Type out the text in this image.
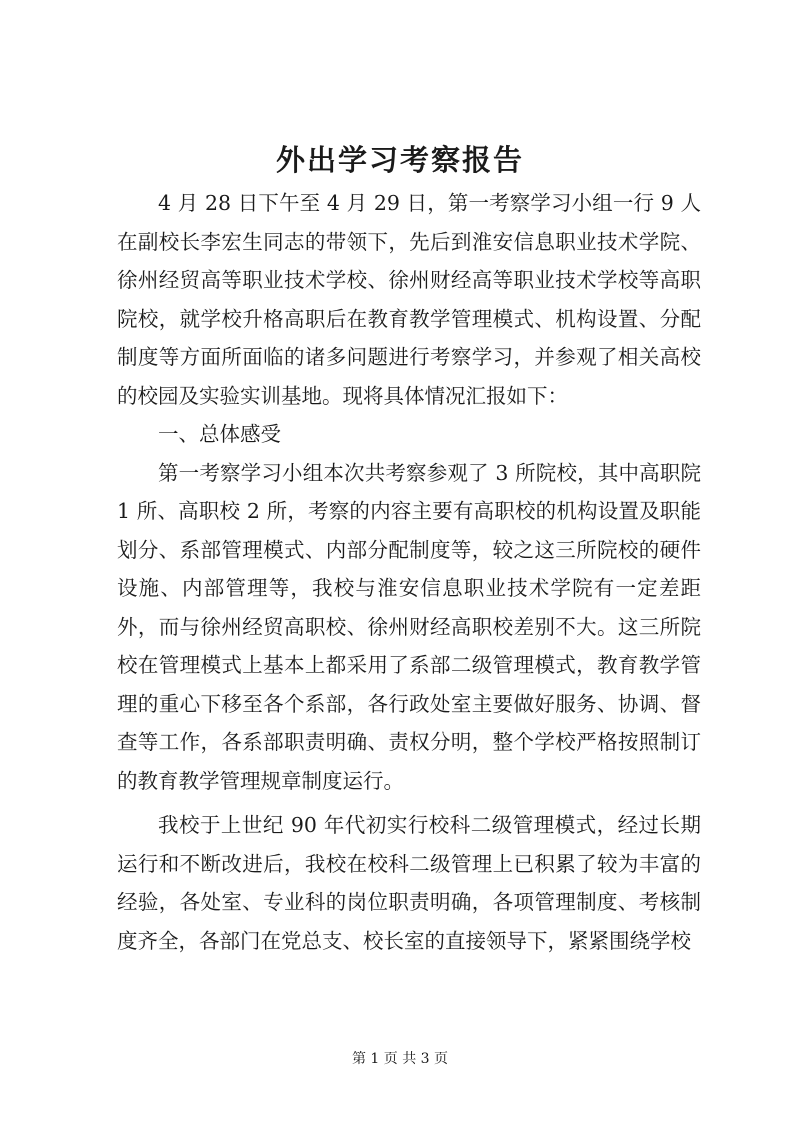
外出学习考察报告

4 月 28 日下午至 4 月 29 日，第一考察学习小组一行 9 人在副校长李宏生同志的带领下，先后到淮安信息职业技术学院、徐州经贸高等职业技术学校、徐州财经高等职业技术学校等高职院校，就学校升格高职后在教育教学管理模式、机构设置、分配制度等方面所面临的诸多问题进行考察学习，并参观了相关高校的校园及实验实训基地。现将具体情况汇报如下：

一、总体感受

第一考察学习小组本次共考察参观了 3 所院校，其中高职院 1 所、高职校 2 所，考察的内容主要有高职校的机构设置及职能划分、系部管理模式、内部分配制度等，较之这三所院校的硬件设施、内部管理等，我校与淮安信息职业技术学院有一定差距外，而与徐州经贸高职校、徐州财经高职校差别不大。这三所院校在管理模式上基本上都采用了系部二级管理模式，教育教学管理的重心下移至各个系部，各行政处室主要做好服务、协调、督查等工作，各系部职责明确、责权分明，整个学校严格按照制订的教育教学管理规章制度运行。

我校于上世纪 90 年代初实行校科二级管理模式，经过长期运行和不断改进后，我校在校科二级管理上已积累了较为丰富的经验，各处室、专业科的岗位职责明确，各项管理制度、考核制度齐全，各部门在党总支、校长室的直接领导下，紧紧围绕学校

第 1 页 共 3 页
